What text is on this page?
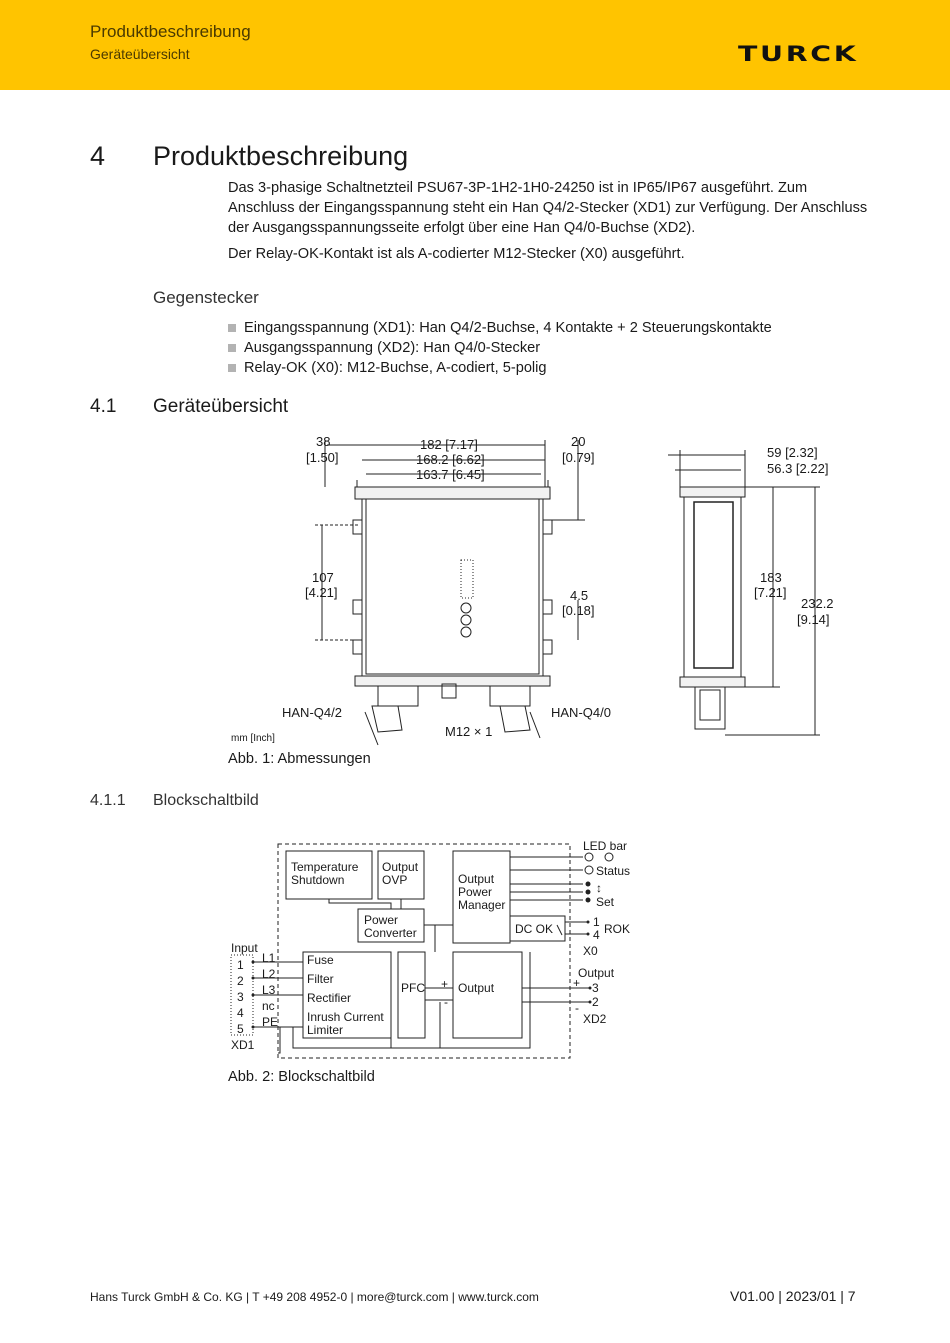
Produktbeschreibung
Geräteübersicht	TURCK
4 Produktbeschreibung
Das 3-phasige Schaltnetzteil PSU67-3P-1H2-1H0-24250 ist in IP65/IP67 ausgeführt. Zum Anschluss der Eingangsspannung steht ein Han Q4/2-Stecker (XD1) zur Verfügung. Der Anschluss der Ausgangsspannungsseite erfolgt über eine Han Q4/0-Buchse (XD2).
Der Relay-OK-Kontakt ist als A-codierter M12-Stecker (X0) ausgeführt.
Gegenstecker
Eingangsspannung (XD1): Han Q4/2-Buchse, 4 Kontakte + 2 Steuerungskontakte
Ausgangsspannung (XD2): Han Q4/0-Stecker
Relay-OK (X0): M12-Buchse, A-codiert, 5-polig
4.1 Geräteübersicht
38
[1.50]
182 [7.17]
168.2 [6.62]
163.7 [6.45]
20
[0.79]
107
[4.21]	4.5
[0.18]
HAN-Q4/2	HAN-Q4/0
M12 × 1
mm [Inch]
59 [2.32]
56.3 [2.22]
183
[7.21]
232.2
[9.14]
Abb. 1: Abmessungen
4.1.1 Blockschaltbild
Temperature
Shutdown
Output
OVP	Output
Power
Manager
Power
Converter	DC OK
Fuse
Filter
Rectifier
Inrush Current
Limiter
PFC	Output
+
-
Input
XD1
L1
L2
L3
nc
PE
1
2
3
4
5
LED bar
Status
↕
Set
1
4 ROK
X0
Output
+
-
3
2
XD2
Abb. 2: Blockschaltbild
Hans Turck GmbH & Co. KG | T +49 208 4952-0 | more@turck.com | www.turck.com	V01.00 | 2023/01 | 7
